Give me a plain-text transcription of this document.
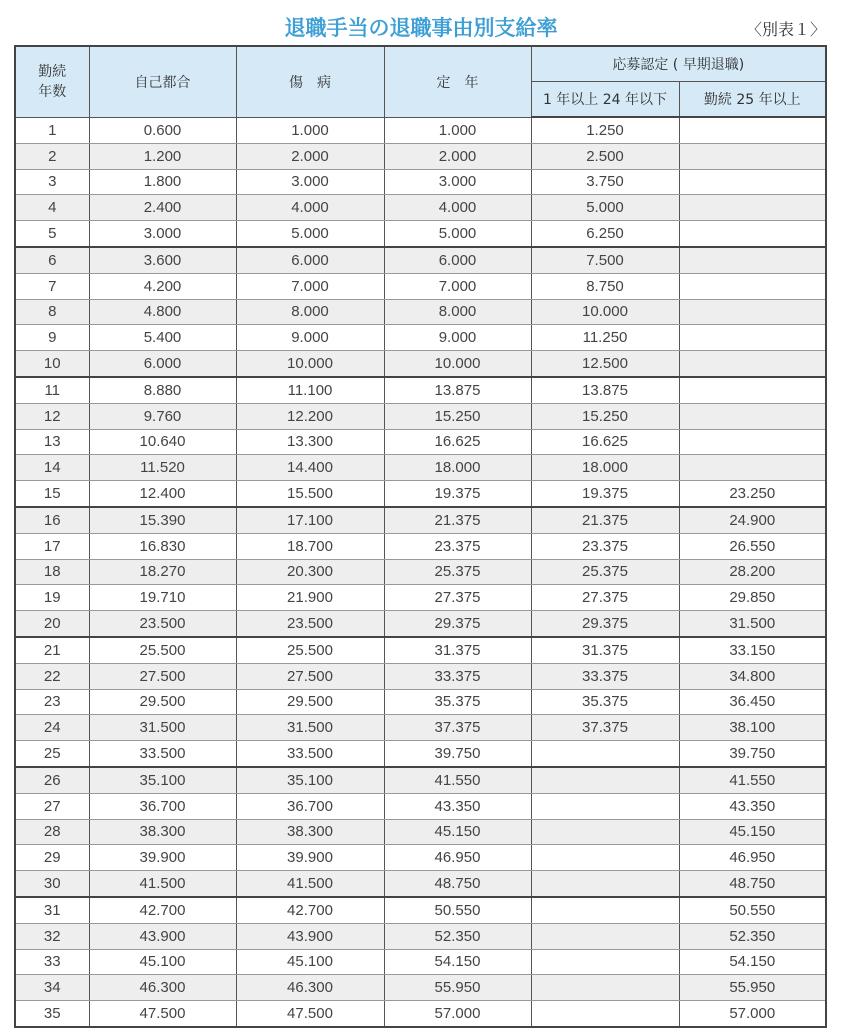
退職手当の退職事由別支給率	〈別表１〉
勤続
年数	自己都合	傷　病	定　年	応募認定 ( 早期退職)	
				1 年以上 24 年以下	勤続 25 年以上
1	0.600	1.000	1.000	1.250	
2	1.200	2.000	2.000	2.500	
3	1.800	3.000	3.000	3.750	
4	2.400	4.000	4.000	5.000	
5	3.000	5.000	5.000	6.250	
6	3.600	6.000	6.000	7.500	
7	4.200	7.000	7.000	8.750	
8	4.800	8.000	8.000	10.000	
9	5.400	9.000	9.000	11.250	
10	6.000	10.000	10.000	12.500	
11	8.880	11.100	13.875	13.875	
12	9.760	12.200	15.250	15.250	
13	10.640	13.300	16.625	16.625	
14	11.520	14.400	18.000	18.000	
15	12.400	15.500	19.375	19.375	23.250
16	15.390	17.100	21.375	21.375	24.900
17	16.830	18.700	23.375	23.375	26.550
18	18.270	20.300	25.375	25.375	28.200
19	19.710	21.900	27.375	27.375	29.850
20	23.500	23.500	29.375	29.375	31.500
21	25.500	25.500	31.375	31.375	33.150
22	27.500	27.500	33.375	33.375	34.800
23	29.500	29.500	35.375	35.375	36.450
24	31.500	31.500	37.375	37.375	38.100
25	33.500	33.500	39.750		39.750
26	35.100	35.100	41.550		41.550
27	36.700	36.700	43.350		43.350
28	38.300	38.300	45.150		45.150
29	39.900	39.900	46.950		46.950
30	41.500	41.500	48.750		48.750
31	42.700	42.700	50.550		50.550
32	43.900	43.900	52.350		52.350
33	45.100	45.100	54.150		54.150
34	46.300	46.300	55.950		55.950
35	47.500	47.500	57.000		57.000
